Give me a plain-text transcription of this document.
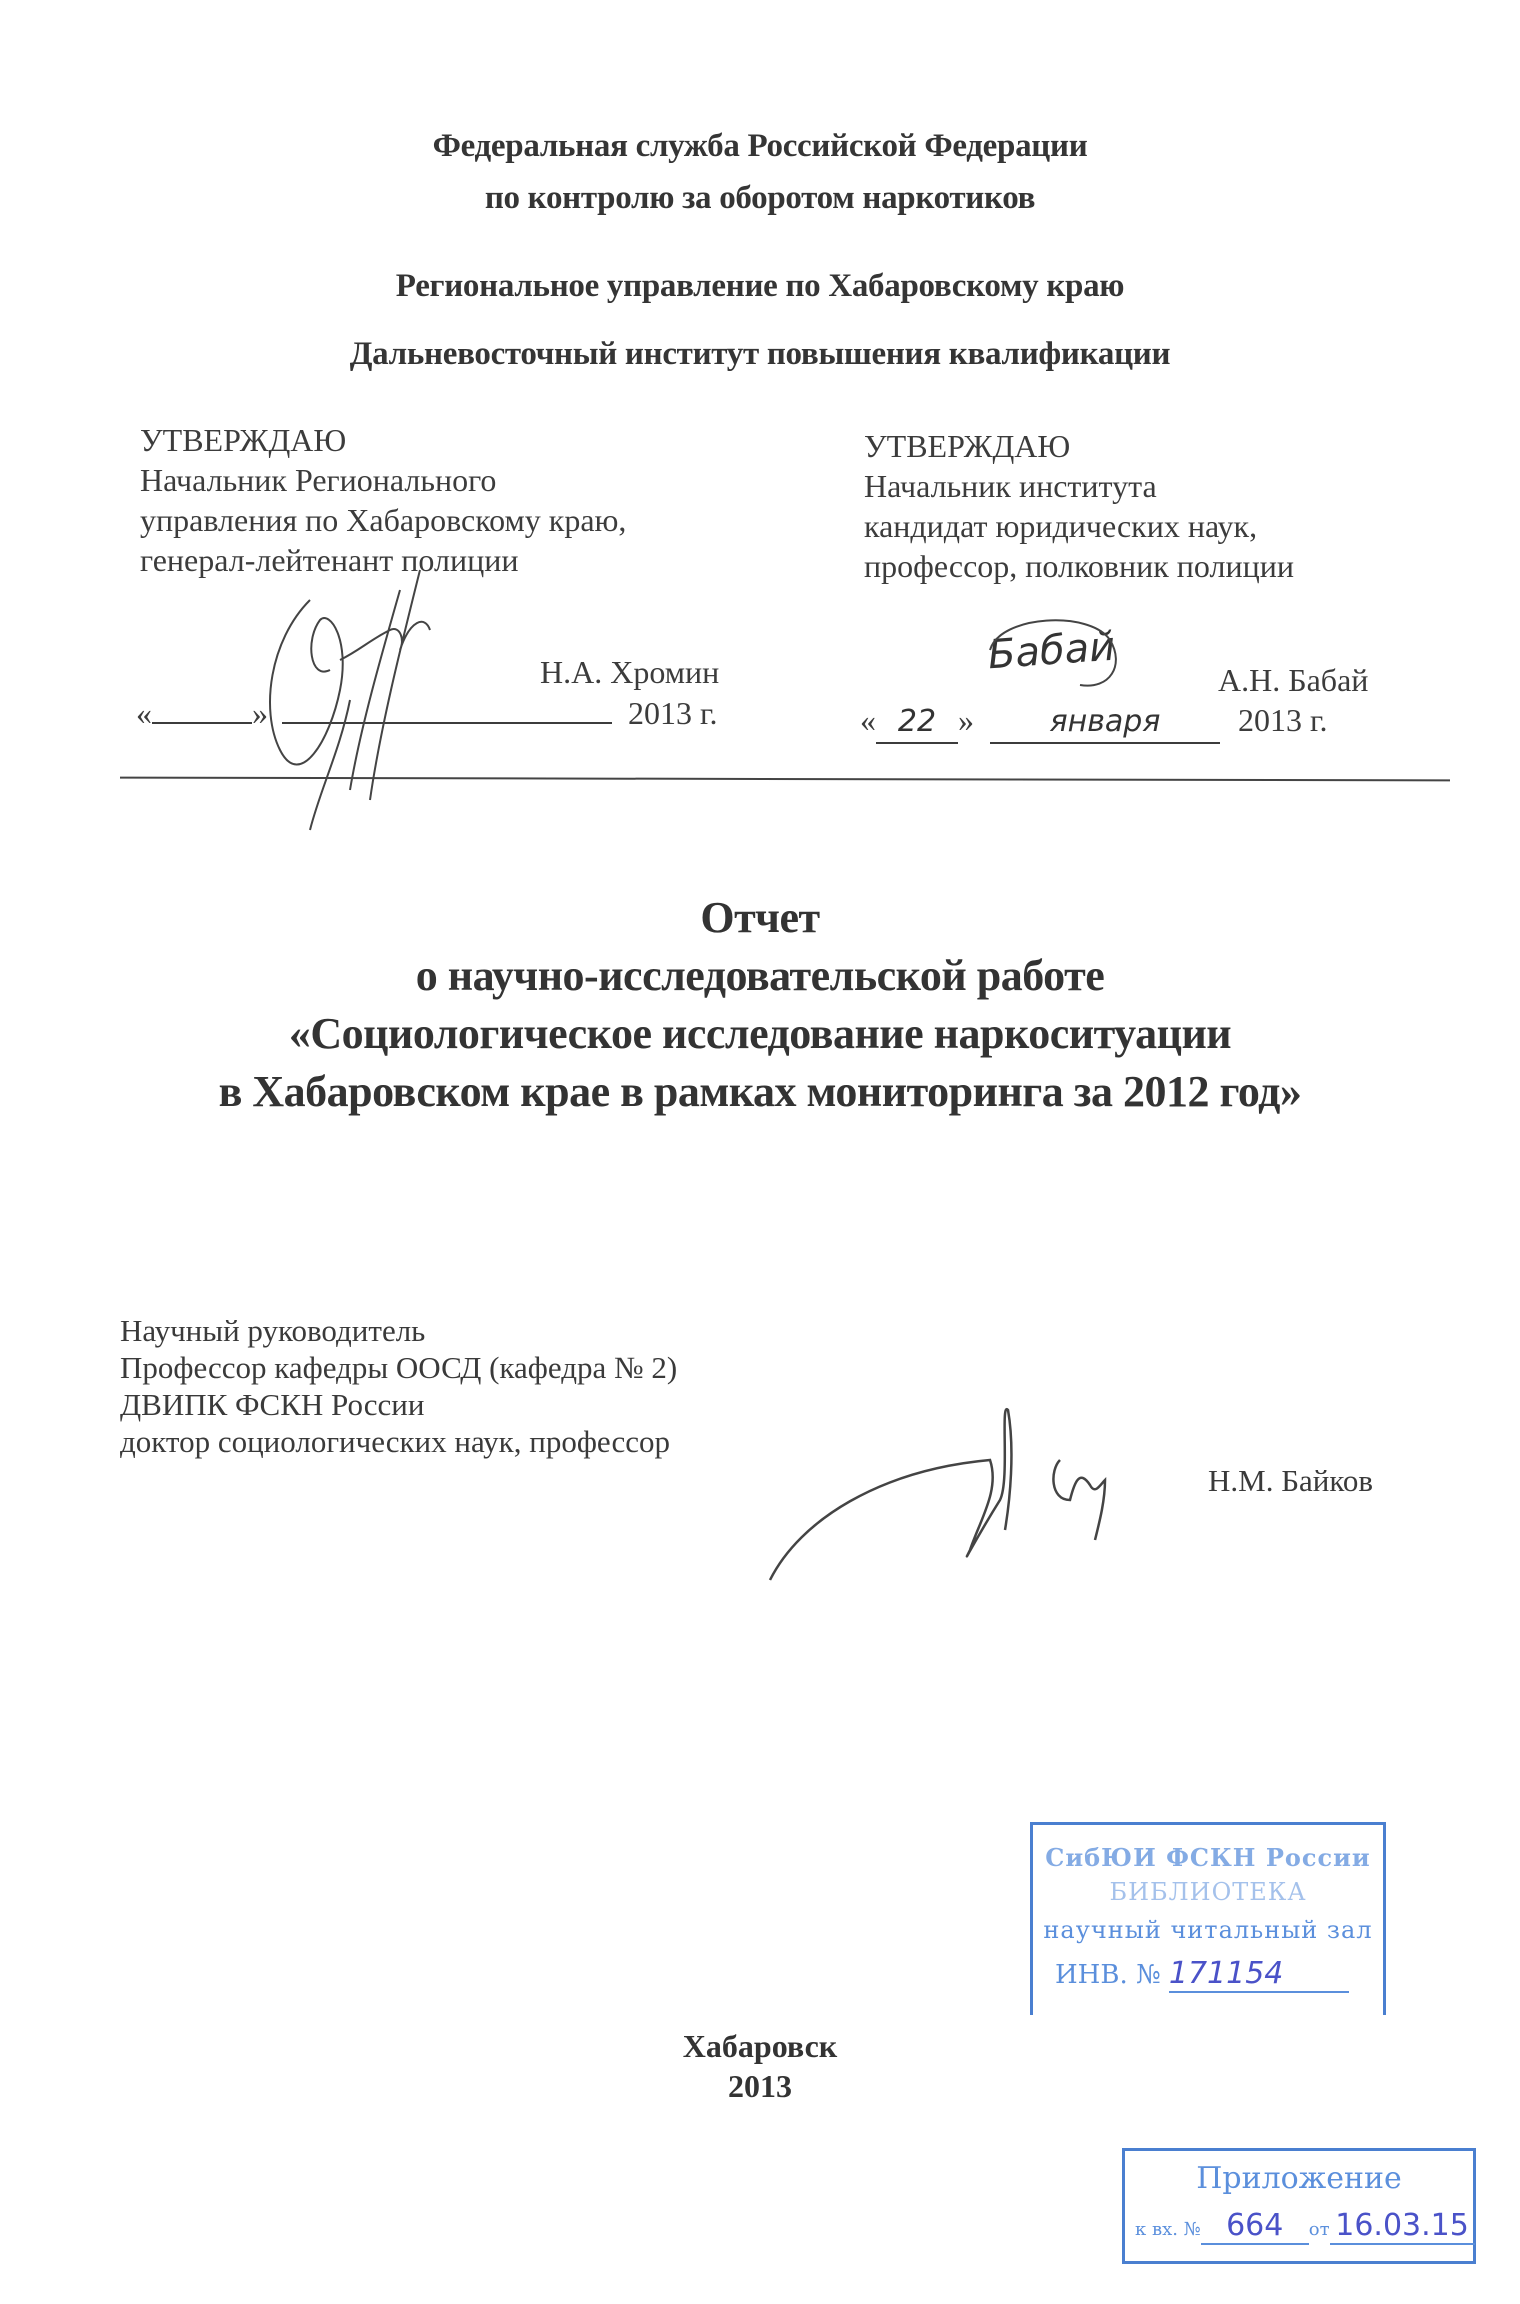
Федеральная служба Российской Федерации
по контролю за оборотом наркотиков
Региональное управление по Хабаровскому краю
Дальневосточный институт повышения квалификации
УТВЕРЖДАЮ
Начальник Регионального
управления по Хабаровскому краю,
генерал-лейтенант полиции
Н.А. Хромин
«	»	2013 г.
УТВЕРЖДАЮ
Начальник института
кандидат юридических наук,
профессор, полковник полиции
Бабай
А.Н. Бабай
« 22 »	января 2013 г.
Отчет
о научно-исследовательской работе
«Социологическое исследование наркоситуации
в Хабаровском крае в рамках мониторинга за 2012 год»
Научный руководитель
Профессор кафедры ООСД (кафедра № 2)
ДВИПК ФСКН России
доктор социологических наук, профессор
Н.М. Байков
СибЮИ ФСКН России
БИБЛИОТЕКА
научный читальный зал
ИНВ. № 171154
Хабаровск
2013
Приложение
к вх. № 664 от 16.03.15
